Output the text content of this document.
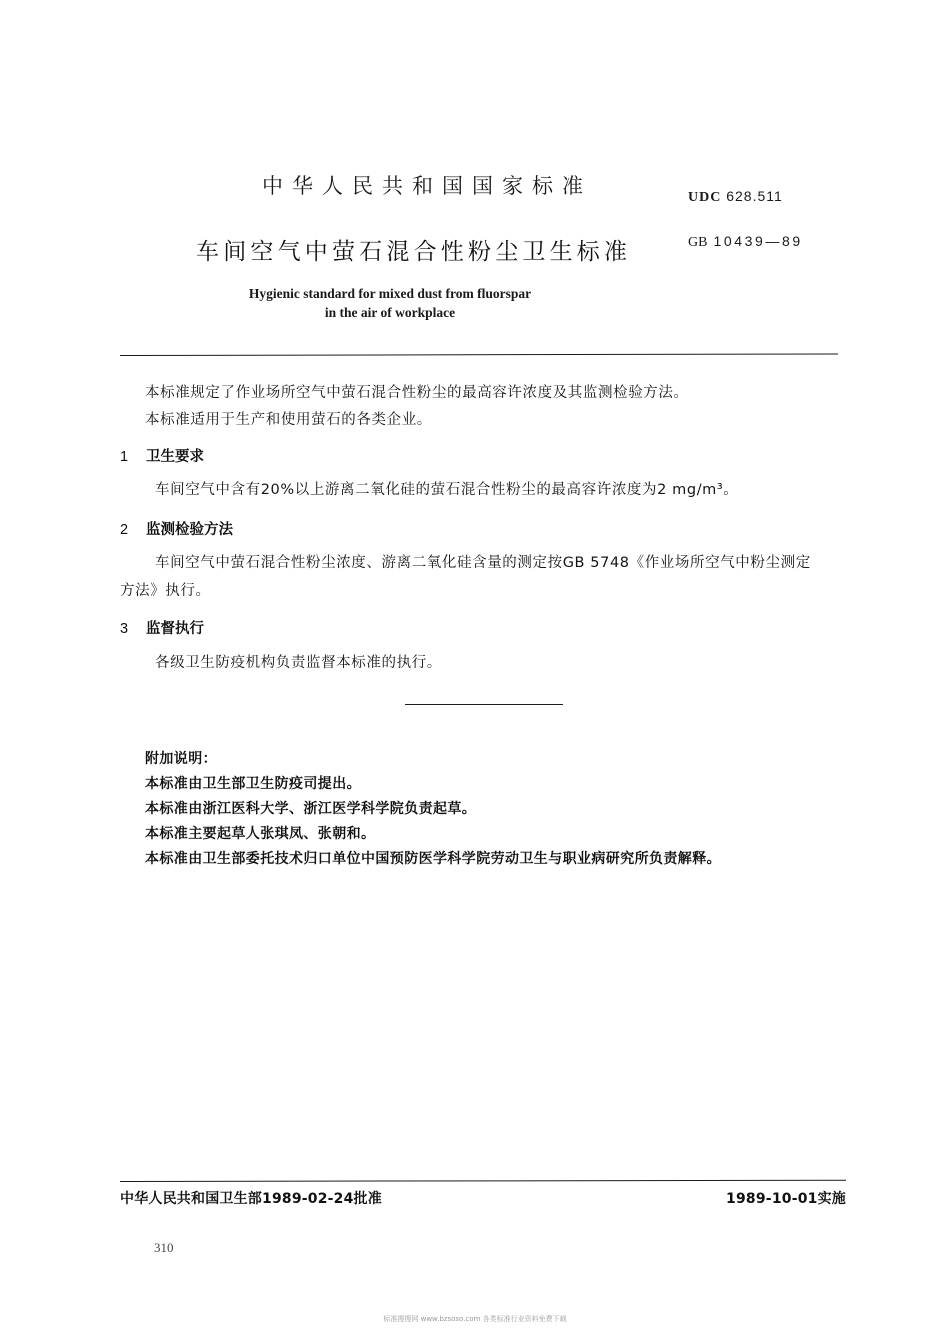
中华人民共和国国家标准	UDC 628.511
车间空气中萤石混合性粉尘卫生标准	GB 10439—89
Hygienic standard for mixed dust from fluorspar
in the air of workplace
本标准规定了作业场所空气中萤石混合性粉尘的最高容许浓度及其监测检验方法。
本标准适用于生产和使用萤石的各类企业。
1 卫生要求
车间空气中含有20%以上游离二氧化硅的萤石混合性粉尘的最高容许浓度为2 mg/m³。
2 监测检验方法
车间空气中萤石混合性粉尘浓度、游离二氧化硅含量的测定按GB 5748《作业场所空气中粉尘测定
方法》执行。
3 监督执行
各级卫生防疫机构负责监督本标准的执行。
附加说明：
本标准由卫生部卫生防疫司提出。
本标准由浙江医科大学、浙江医学科学院负责起草。
本标准主要起草人张琪凤、张朝和。
本标准由卫生部委托技术归口单位中国预防医学科学院劳动卫生与职业病研究所负责解释。
中华人民共和国卫生部1989-02-24批准	1989-10-01实施
310
标准搜搜网 www.bzsoso.com 各类标准行业资料免费下载
